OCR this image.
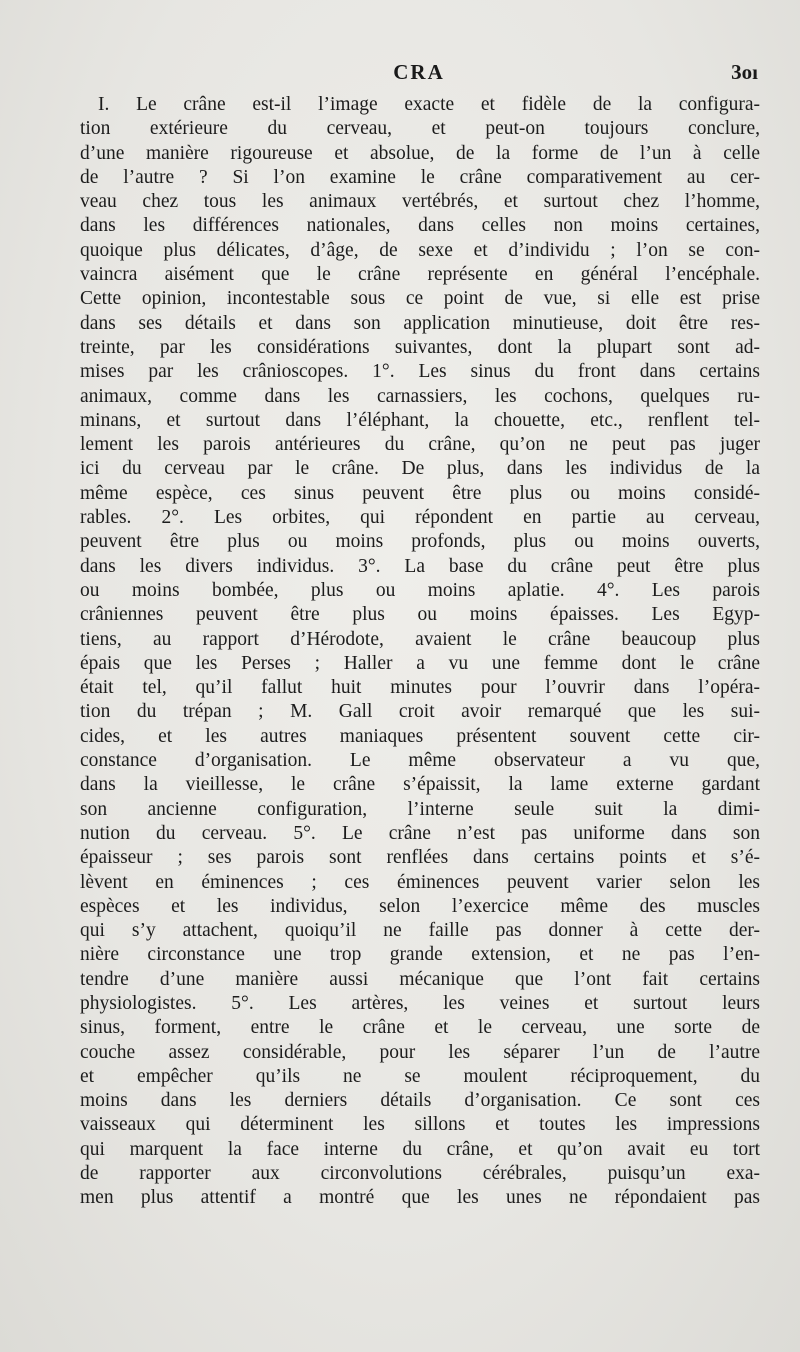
CRA	3oı
I. Le crâne est-il l’image exacte et fidèle de la configura-
tion extérieure du cerveau, et peut-on toujours conclure,
d’une manière rigoureuse et absolue, de la forme de l’un à celle
de l’autre ? Si l’on examine le crâne comparativement au cer-
veau chez tous les animaux vertébrés, et surtout chez l’homme,
dans les différences nationales, dans celles non moins certaines,
quoique plus délicates, d’âge, de sexe et d’individu ; l’on se con-
vaincra aisément que le crâne représente en général l’encéphale.
Cette opinion, incontestable sous ce point de vue, si elle est prise
dans ses détails et dans son application minutieuse, doit être res-
treinte, par les considérations suivantes, dont la plupart sont ad-
mises par les crânioscopes. 1°. Les sinus du front dans certains
animaux, comme dans les carnassiers, les cochons, quelques ru-
minans, et surtout dans l’éléphant, la chouette, etc., renflent tel-
lement les parois antérieures du crâne, qu’on ne peut pas juger
ici du cerveau par le crâne. De plus, dans les individus de la
même espèce, ces sinus peuvent être plus ou moins considé-
rables. 2°. Les orbites, qui répondent en partie au cerveau,
peuvent être plus ou moins profonds, plus ou moins ouverts,
dans les divers individus. 3°. La base du crâne peut être plus
ou moins bombée, plus ou moins aplatie. 4°. Les parois
crâniennes peuvent être plus ou moins épaisses. Les Egyp-
tiens, au rapport d’Hérodote, avaient le crâne beaucoup plus
épais que les Perses ; Haller a vu une femme dont le crâne
était tel, qu’il fallut huit minutes pour l’ouvrir dans l’opéra-
tion du trépan ; M. Gall croit avoir remarqué que les sui-
cides, et les autres maniaques présentent souvent cette cir-
constance d’organisation. Le même observateur a vu que,
dans la vieillesse, le crâne s’épaissit, la lame externe gardant
son ancienne configuration, l’interne seule suit la dimi-
nution du cerveau. 5°. Le crâne n’est pas uniforme dans son
épaisseur ; ses parois sont renflées dans certains points et s’é-
lèvent en éminences ; ces éminences peuvent varier selon les
espèces et les individus, selon l’exercice même des muscles
qui s’y attachent, quoiqu’il ne faille pas donner à cette der-
nière circonstance une trop grande extension, et ne pas l’en-
tendre d’une manière aussi mécanique que l’ont fait certains
physiologistes. 5°. Les artères, les veines et surtout leurs
sinus, forment, entre le crâne et le cerveau, une sorte de
couche assez considérable, pour les séparer l’un de l’autre
et empêcher qu’ils ne se moulent réciproquement, du
moins dans les derniers détails d’organisation. Ce sont ces
vaisseaux qui déterminent les sillons et toutes les impressions
qui marquent la face interne du crâne, et qu’on avait eu tort
de rapporter aux circonvolutions cérébrales, puisqu’un exa-
men plus attentif a montré que les unes ne répondaient pas
